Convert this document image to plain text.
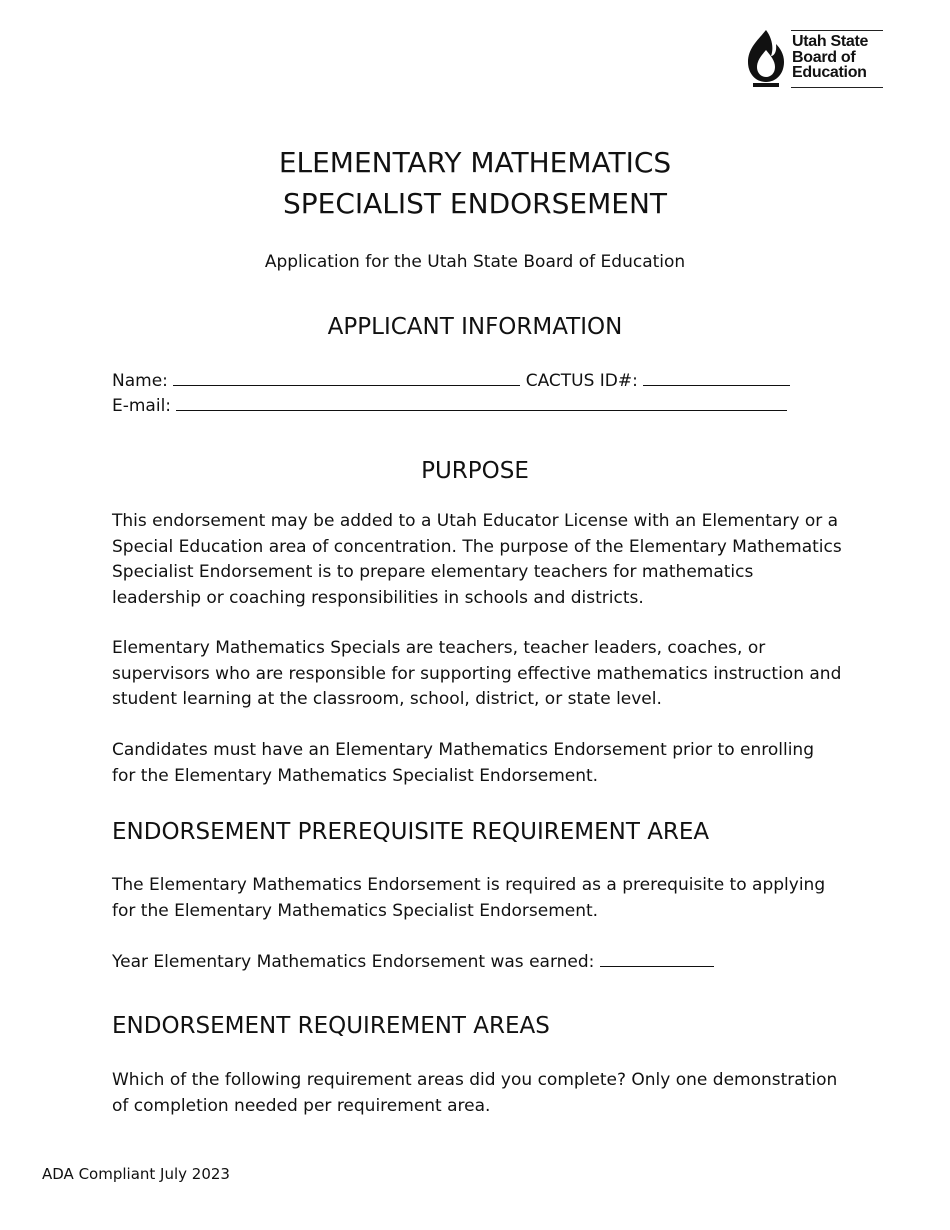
Utah State
Board of
Education
ELEMENTARY MATHEMATICS
SPECIALIST ENDORSEMENT
Application for the Utah State Board of Education
APPLICANT INFORMATION
Name:	CACTUS ID#:
E-mail:
PURPOSE

This endorsement may be added to a Utah Educator License with an Elementary or a Special Education area of concentration. The purpose of the Elementary Mathematics Specialist Endorsement is to prepare elementary teachers for mathematics leadership or coaching responsibilities in schools and districts.

Elementary Mathematics Specials are teachers, teacher leaders, coaches, or supervisors who are responsible for supporting effective mathematics instruction and student learning at the classroom, school, district, or state level.

Candidates must have an Elementary Mathematics Endorsement prior to enrolling for the Elementary Mathematics Specialist Endorsement.

ENDORSEMENT PREREQUISITE REQUIREMENT AREA

The Elementary Mathematics Endorsement is required as a prerequisite to applying for the Elementary Mathematics Specialist Endorsement.

Year Elementary Mathematics Endorsement was earned:
ENDORSEMENT REQUIREMENT AREAS

Which of the following requirement areas did you complete? Only one demonstration of completion needed per requirement area.

ADA Compliant July 2023
